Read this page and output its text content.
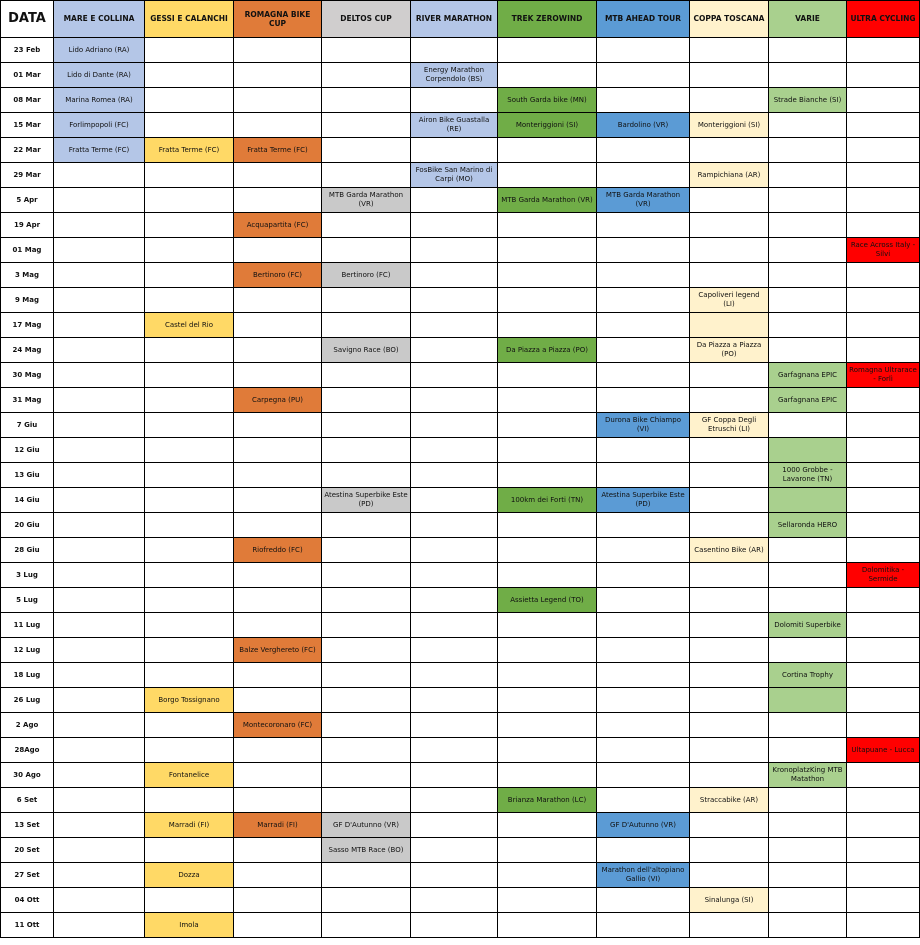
DATA	MARE E COLLINA	GESSI E CALANCHI	ROMAGNA BIKE CUP	DELTOS CUP	RIVER MARATHON	TREK ZEROWIND	MTB AHEAD TOUR	COPPA TOSCANA	VARIE	ULTRA CYCLING
23 Feb	Lido Adriano (RA)									
01 Mar	Lido di Dante (RA)				Energy Marathon Corpendolo (BS)					
08 Mar	Marina Romea (RA)					South Garda bike (MN)			Strade Bianche (SI)	
15 Mar	Forlimpopoli (FC)				Airon Bike Guastalla (RE)	Monteriggioni (SI)	Bardolino (VR)	Monteriggioni (SI)		
22 Mar	Fratta Terme (FC)	Fratta Terme (FC)	Fratta Terme (FC)							
29 Mar					FosBike San Marino di Carpi (MO)			Rampichiana (AR)		
5 Apr				MTB Garda Marathon (VR)		MTB Garda Marathon (VR)	MTB Garda Marathon (VR)			
19 Apr			Acquapartita (FC)							
01 Mag										Race Across Italy - Silvi
3 Mag			Bertinoro (FC)	Bertinoro (FC)						
9 Mag								Capoliveri legend (LI)		
17 Mag		Castel del Rio								
24 Mag				Savigno Race (BO)		Da Piazza a Piazza (PO)		Da Piazza a Piazza (PO)		
30 Mag									Garfagnana EPIC	Romagna Ultrarace - Forlì
31 Mag			Carpegna (PU)						Garfagnana EPIC	
7 Giu							Durona Bike Chiampo (VI)	GF Coppa Degli Etruschi (LI)		
12 Giu										
13 Giu									1000 Grobbe - Lavarone (TN)	
14 Giu				Atestina Superbike Este (PD)		100km dei Forti (TN)	Atestina Superbike Este (PD)			
20 Giu									Sellaronda HERO	
28 Giu			Riofreddo (FC)					Casentino Bike (AR)		
3 Lug										Dolomitika - Sermide
5 Lug						Assietta Legend (TO)				
11 Lug									Dolomiti Superbike	
12 Lug			Balze Verghereto (FC)							
18 Lug									Cortina Trophy	
26 Lug		Borgo Tossignano								
2 Ago			Montecoronaro (FC)							
28Ago										Ultapuane - Lucca
30 Ago		Fontanelice							KronoplatzKing MTB Matathon	
6 Set						Brianza Marathon (LC)		Straccabike (AR)		
13 Set		Marradi (FI)	Marradi (FI)	GF D'Autunno (VR)			GF D'Autunno (VR)			
20 Set				Sasso MTB Race (BO)						
27 Set		Dozza					Marathon dell'altopiano Gallio (VI)			
04 Ott								Sinalunga (SI)		
11 Ott		Imola								
